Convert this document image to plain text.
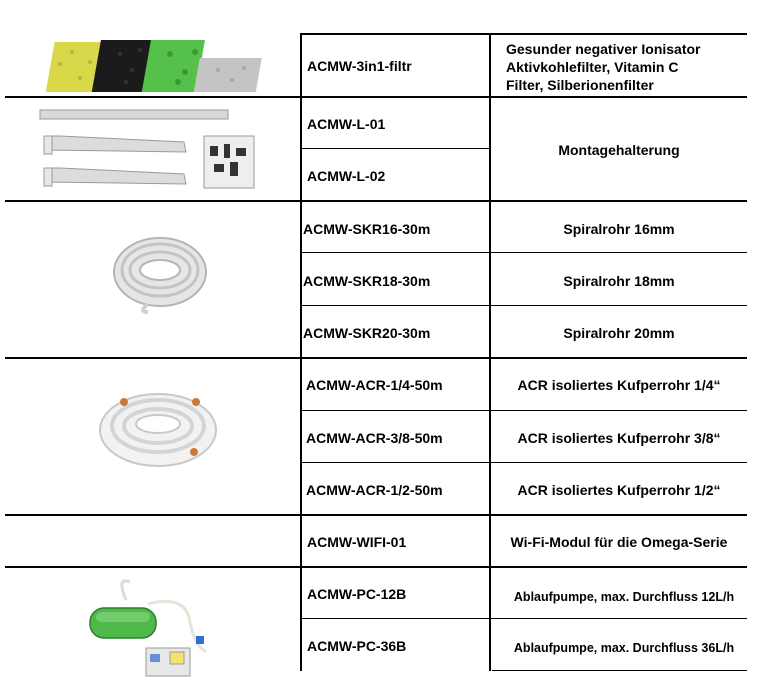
ACMW-3in1-filtr
Gesunder negativer Ionisator
Aktivkohlefilter, Vitamin C
Filter, Silberionenfilter
ACMW-L-01
ACMW-L-02
Montagehalterung
ACMW-SKR16-30m
ACMW-SKR18-30m
ACMW-SKR20-30m
Spiralrohr 16mm
Spiralrohr 18mm
Spiralrohr 20mm
ACMW-ACR-1/4-50m
ACMW-ACR-3/8-50m
ACMW-ACR-1/2-50m
ACR isoliertes Kufperrohr 1/4“
ACR isoliertes Kufperrohr 3/8“
ACR isoliertes Kufperrohr 1/2“
ACMW-WIFI-01	Wi-Fi-Modul für die Omega-Serie
ACMW-PC-12B
ACMW-PC-36B
Ablaufpumpe, max. Durchfluss 12L/h
Ablaufpumpe, max. Durchfluss 36L/h
